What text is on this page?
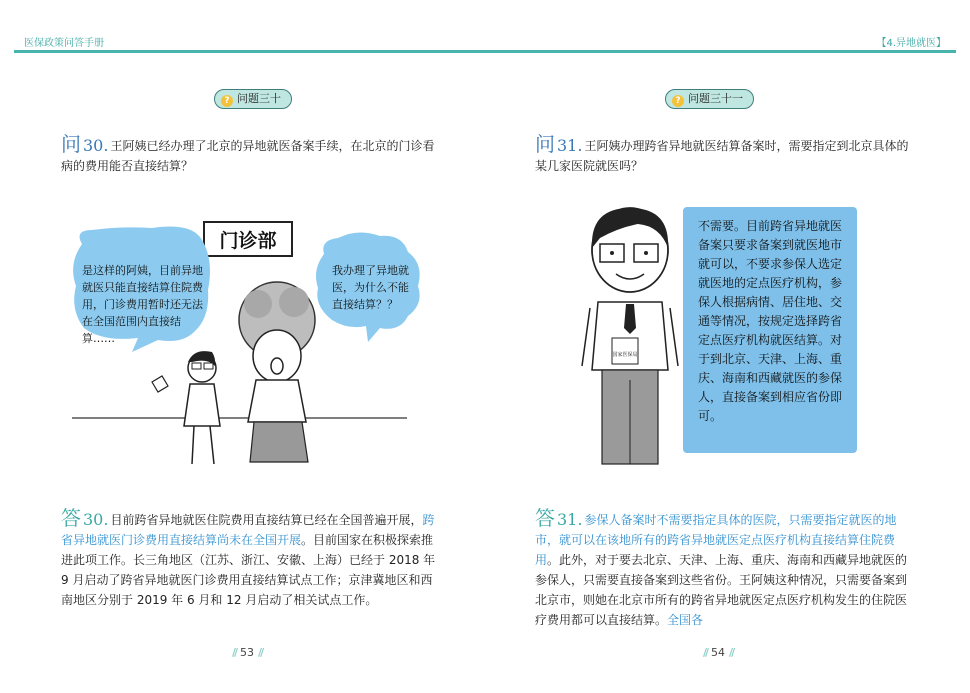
医保政策问答手册	【4.异地就医】
? 问题三十
问 30. 王阿姨已经办理了北京的异地就医备案手续，在北京的门诊看病的费用能否直接结算？
门诊部
是这样的阿姨，目前异地就医只能直接结算住院费用，门诊费用暂时还无法在全国范围内直接结算……
我办理了异地就医，为什么不能直接结算？？
答 30. 目前跨省异地就医住院费用直接结算已经在全国普遍开展，跨省异地就医门诊费用直接结算尚未在全国开展。目前国家在积极探索推进此项工作。长三角地区（江苏、浙江、安徽、上海）已经于 2018 年 9 月启动了跨省异地就医门诊费用直接结算试点工作；京津冀地区和西南地区分别于 2019 年 6 月和 12 月启动了相关试点工作。
// 53 //
? 问题三十一
问 31. 王阿姨办理跨省异地就医结算备案时，需要指定到北京具体的某几家医院就医吗？
国家医保局
不需要。目前跨省异地就医备案只要求备案到就医地市就可以，不要求参保人选定就医地的定点医疗机构，参保人根据病情、居住地、交通等情况，按规定选择跨省定点医疗机构就医结算。对于到北京、天津、上海、重庆、海南和西藏就医的参保人，直接备案到相应省份即可。
答 31. 参保人备案时不需要指定具体的医院，只需要指定就医的地市，就可以在该地所有的跨省异地就医定点医疗机构直接结算住院费用。此外，对于要去北京、天津、上海、重庆、海南和西藏异地就医的参保人，只需要直接备案到这些省份。王阿姨这种情况，只需要备案到北京市，则她在北京市所有的跨省异地就医定点医疗机构发生的住院医疗费用都可以直接结算。全国各
// 54 //
